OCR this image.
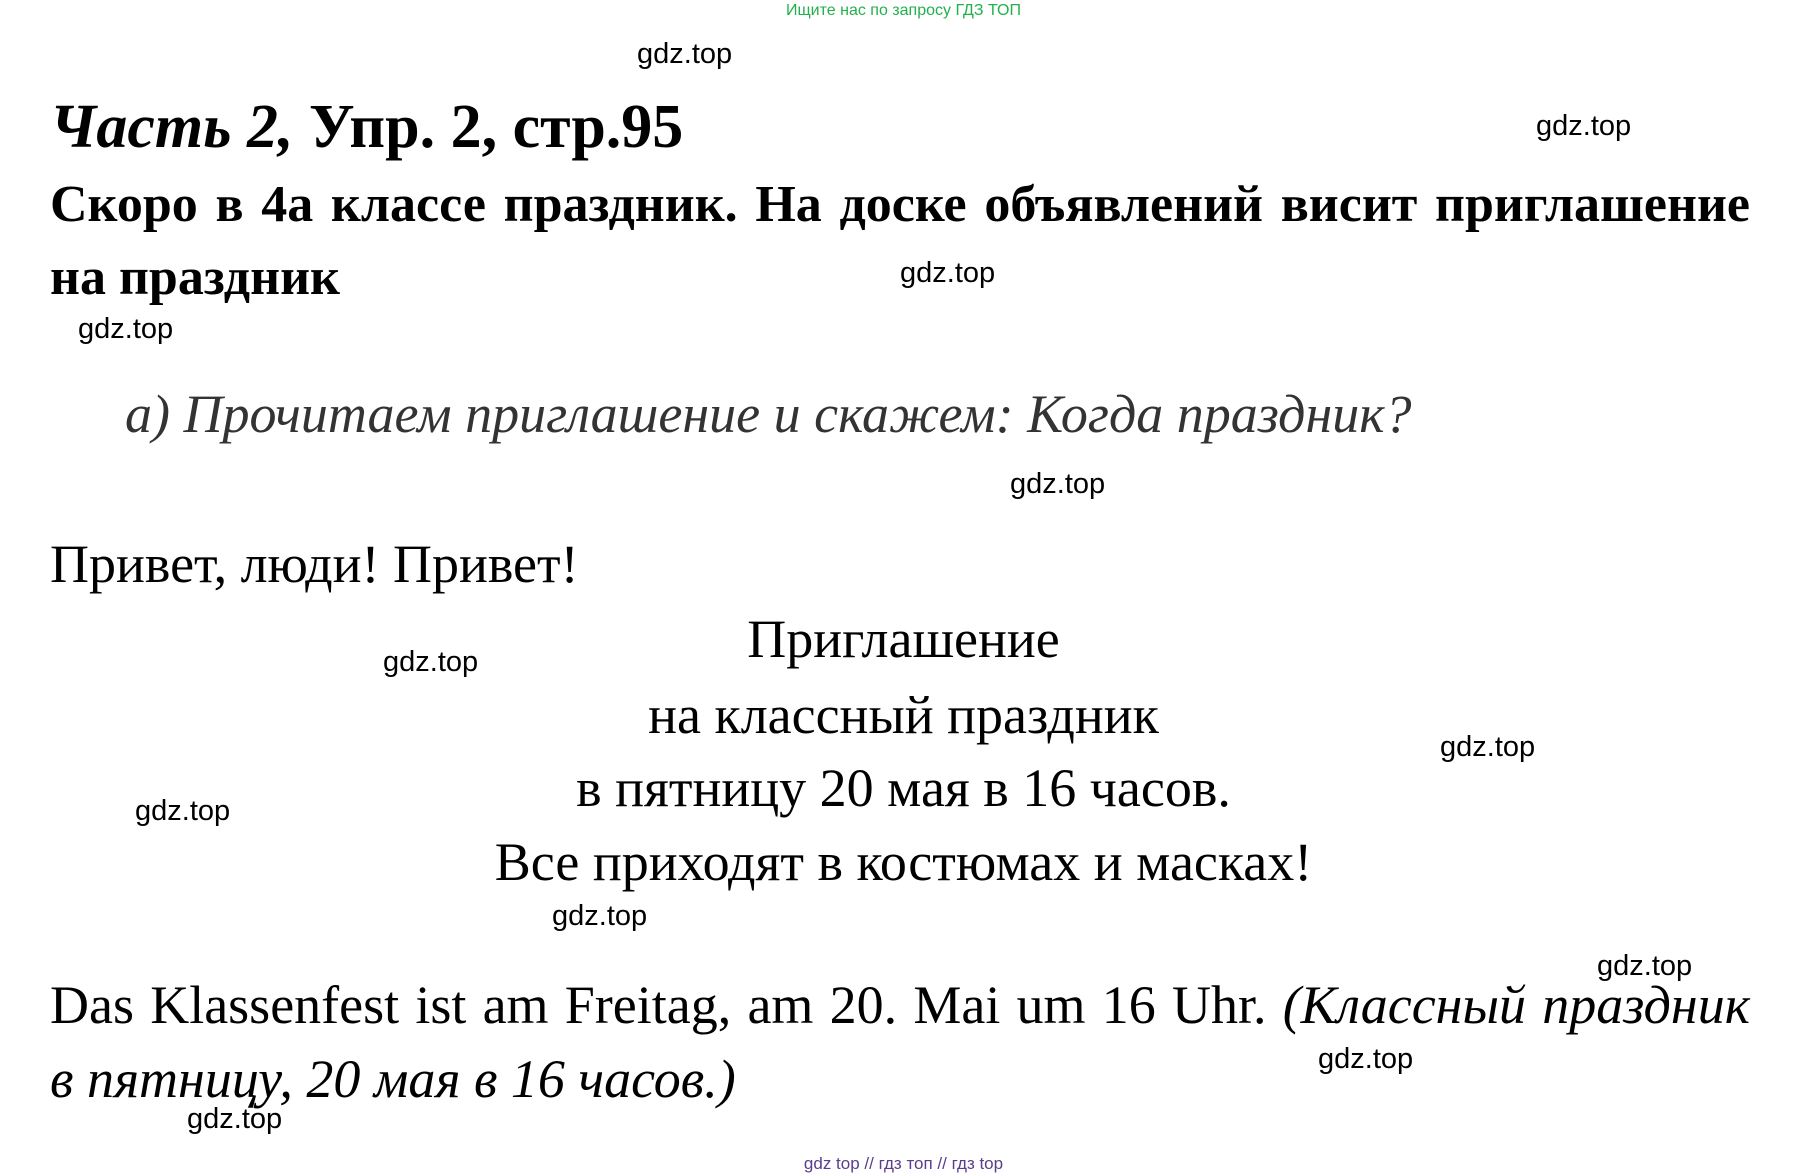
Ищите нас по запросу ГДЗ ТОП
gdz.top
gdz.top
gdz.top
gdz.top
gdz.top
gdz.top
gdz.top
gdz.top
gdz.top
gdz.top
gdz.top
gdz.top
Часть 2, Упр. 2, стр.95
Скоро в 4а классе праздник. На доске объявлений висит приглашение на праздник
а) Прочитаем приглашение и скажем: Когда праздник?
Привет, люди! Привет!
Приглашение
на классный праздник
в пятницу 20 мая в 16 часов.
Все приходят в костюмах и масках!
Das Klassenfest ist am Freitag, am 20. Mai um 16 Uhr. (Классный праздник в пятницу, 20 мая в 16 часов.)
gdz top // гдз топ // гдз top
